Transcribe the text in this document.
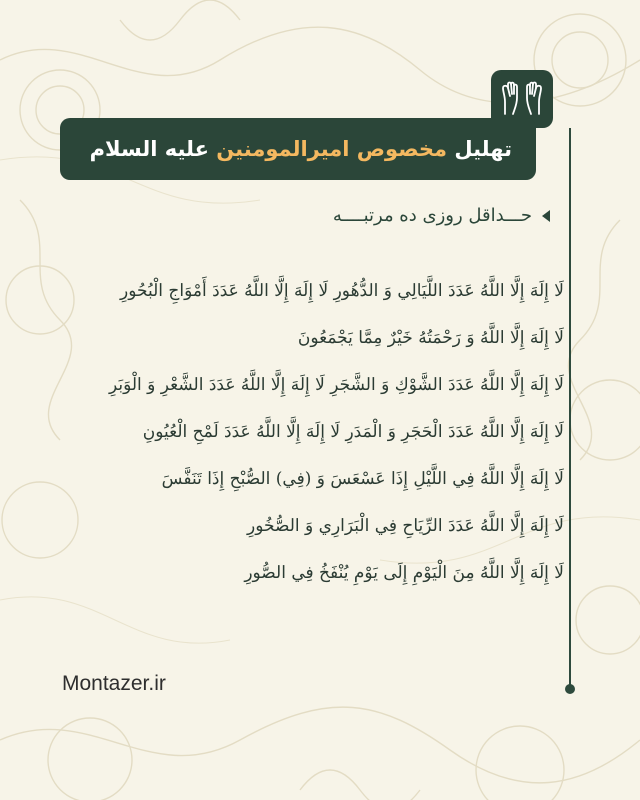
تهلیل مخصوص امیرالمومنین علیه السلام
حـــداقل روزی ده مرتبــــه
لَا إِلَهَ إِلَّا اللَّهُ عَدَدَ اللَّيَالِي وَ الدُّهُورِ لَا إِلَهَ إِلَّا اللَّهُ عَدَدَ أَمْوَاجِ الْبُحُورِ
لَا إِلَهَ إِلَّا اللَّهُ وَ رَحْمَتُهُ خَيْرٌ مِمَّا يَجْمَعُونَ
لَا إِلَهَ إِلَّا اللَّهُ عَدَدَ الشَّوْكِ وَ الشَّجَرِ لَا إِلَهَ إِلَّا اللَّهُ عَدَدَ الشَّعْرِ وَ الْوَبَرِ
لَا إِلَهَ إِلَّا اللَّهُ عَدَدَ الْحَجَرِ وَ الْمَدَرِ لَا إِلَهَ إِلَّا اللَّهُ عَدَدَ لَمْحِ الْعُيُونِ
لَا إِلَهَ إِلَّا اللَّهُ فِي اللَّيْلِ إِذَا عَسْعَسَ وَ (فِي) الصُّبْحِ إِذَا تَنَفَّسَ
لَا إِلَهَ إِلَّا اللَّهُ عَدَدَ الرِّيَاحِ فِي الْبَرَارِي وَ الصُّخُورِ
لَا إِلَهَ إِلَّا اللَّهُ مِنَ الْيَوْمِ إِلَى يَوْمِ يُنْفَخُ فِي الصُّورِ
Montazer.ir
